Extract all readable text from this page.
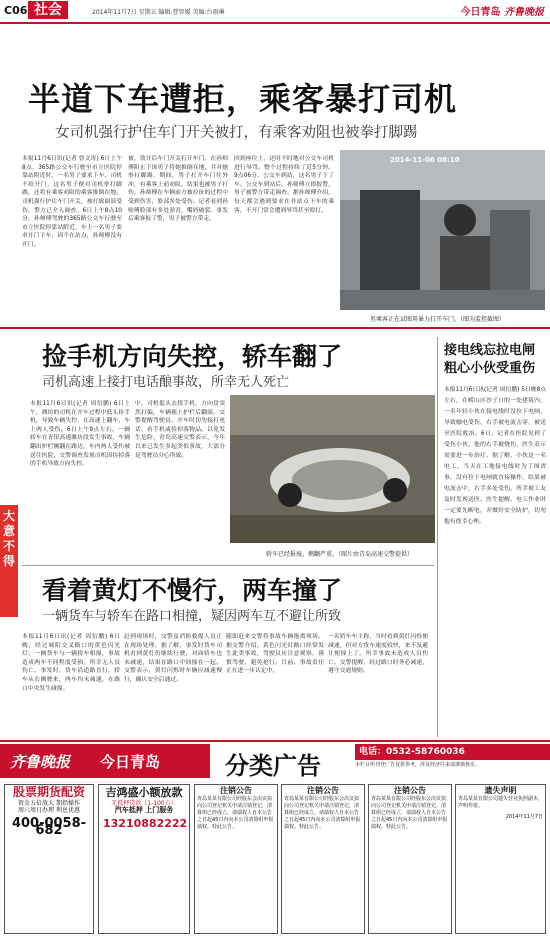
C06 社会	2014年11月7日 星期五 编辑:曹智媛 美编:台雨琳	今日青岛 齐鲁晚报
半道下车遭拒，乘客暴打司机
女司机强行护住车门开关被打，有乘客劝阻也被拳打脚踢
本报11月6日讯(记者 曾文涛) 6日上午8点，365路公交车行驶至市立医院停靠站附近时，一名男子要求下车，司机不给开门，这名男子便对司机拳打脚踢，还将有乘客劝阻的乘客推倒在地。司机强行护住车门开关，被打致面部受伤，警方已介入调查。6日上午8点10分，孙师傅驾驶的365路公交车行驶至市立医院停靠站附近，车上一名男子要求开门下车，因不在站点，孙师傅没有开门。
被，敦开后车门开关打开车门。在孙师傅阻止下该男子将她推倒在地，并对她拳打脚踢，期间，男子打开车门往外冲，有乘客上前劝阻，结果也被男子打伤。孙师傅在车辆前方被拉扯的过程中受到伤害，脸部多处受伤。记者看到孙师傅脸部有多处淤青，嘴唇破裂。事发后乘客报了警，男子被警方带走。
回到座位上，还时不时地对公交车司机进行辱骂。整个过程持续了近5分钟。9点06分，公交车到站，这名男子下了车。公交车到站后，孙师傅立即报警，男子被警方带走调查。据孙师傅介绍，每天都会遇到要求在非站点下车的乘客，不开门常会遭到辱骂甚至殴打。
2014-11-06 08:10
男乘客正在试图用暴力打开车门。（图为监控截图）
捡手机方向失控，轿车翻了
司机高速上接打电话酿事故，所幸无人死亡
本报11月6日讯(记者 周衍鹏) 6日上午，潍坊的司机在开车过程中低头捡手机，导致车辆失控，在高速上翻车，车上两人受伤。6日上午9点左右，一辆轿车在青银高速潍坊段发生事故，车辆翻出护栏侧翻在路边，车内两人受伤被送往医院，交警调查发现司机因捡掉落的手机导致方向失控。
中，司机低头去找手机，方向盘突然打偏，车辆撞上护栏后翻滚。交警提醒驾驶员，开车时切勿接打电话、看手机或捡掉落物品，以免发生危险。青岛高速交警表示，今年以来已发生多起类似事故，大部分是驾驶员分心所致。
轿车已经报废，侧翻严重。（图片由青岛高速交警提供）
接电线忘拉电闸 粗心小伙受重伤
本报11月6日讯(记者 周衍鹏) 5日晚8点左右，在崂山区沙子口的一处建筑内，一名年轻小伙在接电线时没拉下电闸，导致触电受伤，右手被电流击穿，被送至医院救治。6日，记者在医院见到了受伤小伙，他的右手被烧伤，医生表示需要进一步治疗。据了解，小伙是一名电工，当天在工地接电线时为了图省事，没有拉下电闸就直接操作，结果被电流击中，右手多处受伤，所幸被工友及时发现送医。医生提醒，电工作业时一定要先断电，并做好安全防护，切勿抱有侥幸心理。
大意不得
看着黄灯不慢行，两车撞了
一辆货车与轿车在路口相撞，疑因两车互不避让所致
本报11月6日讯(记者 周衍鹏) 6日晚，经过城阳交叉路口的黄色闪光灯，一辆货车与一辆轿车相撞，事故造成两车不同程度受损，所幸无人员伤亡。事发时，货车沿道路直行，轿车从右侧驶来，两车均未减速，在路口中央发生碰撞。
赶到现场时，交警及消防救援人员正在现场处理。据了解，事发时货车司机看到黄灯仍继续行驶，对面轿车也未减速，结果在路口中间撞在一起。交警表示，黄灯闪烁时车辆应减速慢行，确认安全后通过。
随即赶来交警将事故车辆拖离现场。据交警介绍，黄色闪光灯路口经常发生此类事故，驾驶员应注意观察，谨慎驾驶，避免抢行。目前，事故责任正在进一步认定中。
一名轿车车主称，当时看到黄灯闪烁便减速，但对方货车速度较快，来不及避让便撞上了。所幸事故未造成人员伤亡。交警提醒，经过路口时务必减速，遵守交通规则。
齐鲁晚报 今日青岛	分类广告	电话：0532-58760036
本栏目所刊登广告仅供参考，涉及经济往来请谨慎核实。
股票期货配资
资金五倍放大 期指操作
周六周日办理 利息优惠
400-0058-682
吉鸿盛小额放款
无抵押贷款（1-100万）
汽车抵押 上门服务
13210882222
注销公告
青岛某某有限公司经股东会决议拟向公司登记机关申请注销登记，清算组已经成立，请债权人自本公告之日起45日内向本公司清算组申报债权。特此公告。
注销公告
青岛某某有限公司经股东会决议拟向公司登记机关申请注销登记，清算组已经成立，请债权人自本公告之日起45日内向本公司清算组申报债权。特此公告。
注销公告
青岛某某有限公司经股东会决议拟向公司登记机关申请注销登记，清算组已经成立，请债权人自本公告之日起45日内向本公司清算组申报债权。特此公告。
遗失声明
青岛某某有限公司遗失营业执照副本，声明作废。
2014年11月7日
